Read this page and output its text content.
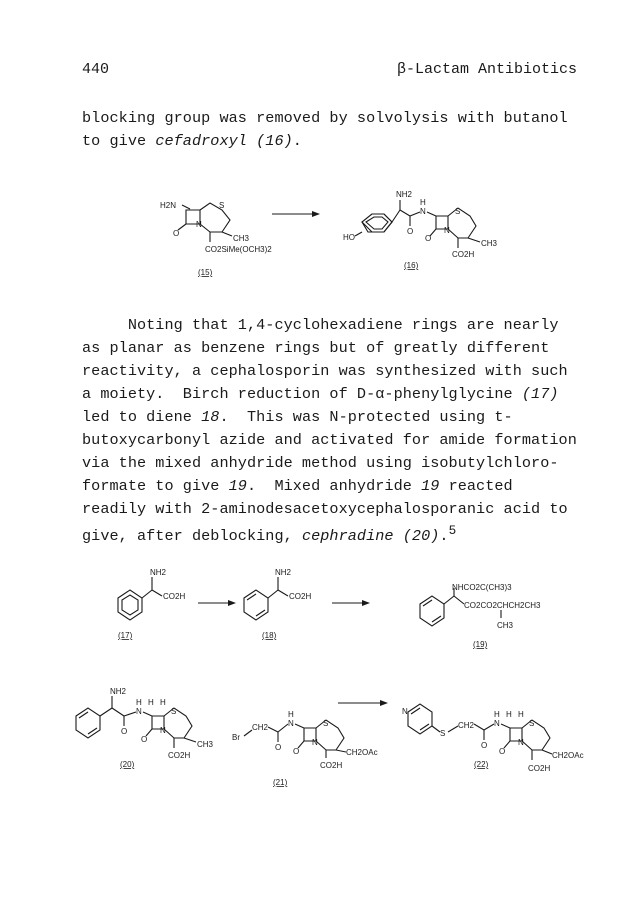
440	β-Lactam Antibiotics
blocking group was removed by solvolysis with butanol
to give cefadroxyl (16).
H2N
O
S
N
CH3
CO2SiMe(OCH3)2
(15)
HO
NH2
O
N
H
O
S
N
CH3
CO2H
(16)
Noting that 1,4-cyclohexadiene rings are nearly
as planar as benzene rings but of greatly different
reactivity, a cephalosporin was synthesized with such
a moiety.  Birch reduction of D-α-phenylglycine (17)
led to diene 18.  This was N-protected using t-
butoxycarbonyl azide and activated for amide formation
via the mixed anhydride method using isobutylchloro-
formate to give 19.  Mixed anhydride 19 reacted
readily with 2-aminodesacetoxycephalosporanic acid to
give, after deblocking, cephradine (20).$^5$
NH2
CO2H
(17)
NH2
CO2H
(18)
NHCO2C(CH3)3
CO2CO2CHCH2CH3
CH3
(19)
NH2
O
N
H H H
O
S
N
CH3
CO2H
(20)
Br
CH2
O
N
H
O
S
N
CH2OAc
CO2H
(21)
N
S
CH2
O
N
H H H
O
S
N
CH2OAc
CO2H
(22)
